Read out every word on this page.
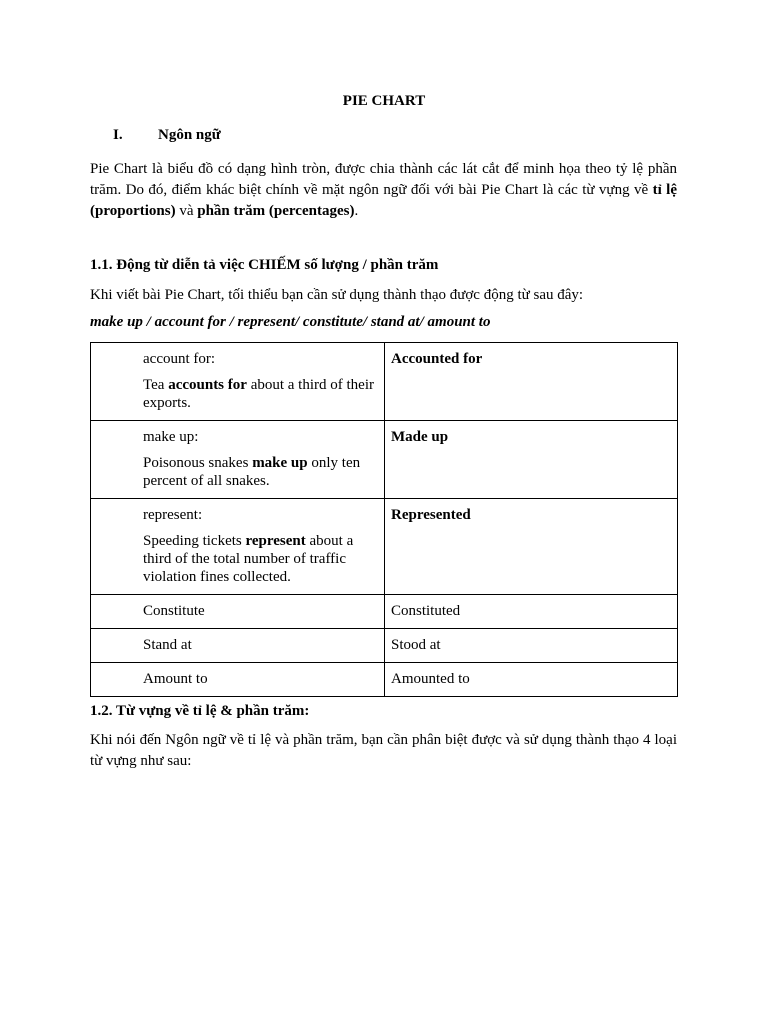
PIE CHART
I. Ngôn ngữ
Pie Chart là biểu đồ có dạng hình tròn, được chia thành các lát cắt để minh họa theo tỷ lệ phần trăm. Do đó, điểm khác biệt chính về mặt ngôn ngữ đối với bài Pie Chart là các từ vựng về tỉ lệ (proportions) và phần trăm (percentages).
1.1. Động từ diễn tả việc CHIẾM số lượng / phần trăm
Khi viết bài Pie Chart, tối thiểu bạn cần sử dụng thành thạo được động từ sau đây:
make up / account for / represent/ constitute/ stand at/ amount to
account for:
Tea accounts for about a third of their exports.	Accounted for

make up:
Poisonous snakes make up only ten percent of all snakes.	Made up

represent:
Speeding tickets represent about a third of the total number of traffic violation fines collected.	Represented

Constitute	Constituted

Stand at	Stood at

Amount to	Amounted to
1.2. Từ vựng về tỉ lệ & phần trăm:
Khi nói đến Ngôn ngữ về tỉ lệ và phần trăm, bạn cần phân biệt được và sử dụng thành thạo 4 loại từ vựng như sau:
